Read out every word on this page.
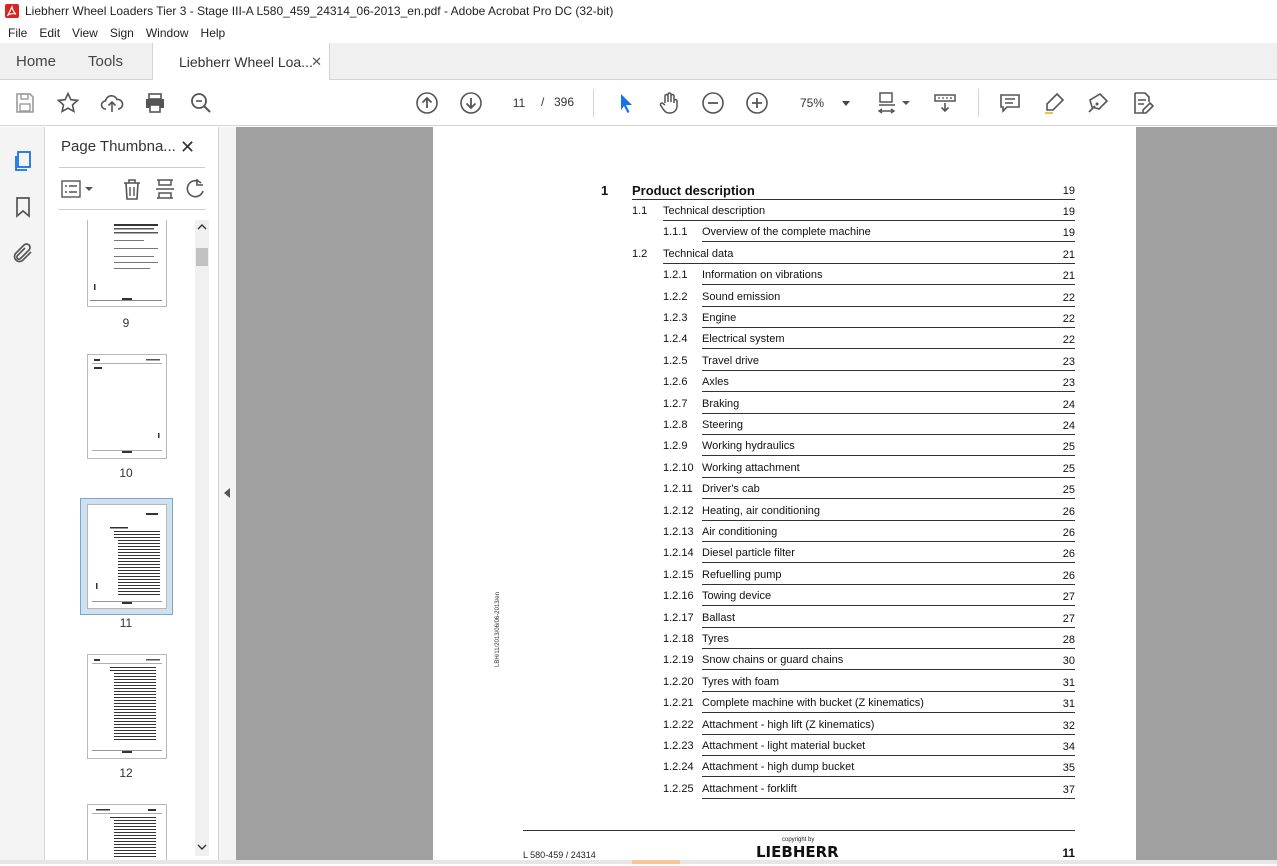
Liebherr Wheel Loaders Tier 3 - Stage III-A L580_459_24314_06-2013_en.pdf - Adobe Acrobat Pro DC (32-bit)
File	Edit	View	Sign	Window	Help
Home Tools	Liebherr Wheel Loa...
✕
11	/ 396	75%
Page Thumbna... ✕
9
10
11
12
1 Product description	19
1.1 Technical description	19
1.1.1 Overview of the complete machine	19
1.2 Technical data	21
1.2.1 Information on vibrations	21
1.2.2 Sound emission	22
1.2.3 Engine	22
1.2.4 Electrical system	22
1.2.5 Travel drive	23
1.2.6 Axles	23
1.2.7 Braking	24
1.2.8 Steering	24
1.2.9 Working hydraulics	25
1.2.10 Working attachment	25
1.2.11 Driver's cab	25
1.2.12 Heating, air conditioning	26
1.2.13 Air conditioning	26
1.2.14 Diesel particle filter	26
1.2.15 Refuelling pump	26
1.2.16 Towing device	27
1.2.17 Ballast	27
1.2.18 Tyres	28
1.2.19 Snow chains or guard chains	30
1.2.20 Tyres with foam	31
1.2.21 Complete machine with bucket (Z kinematics)	31
1.2.22 Attachment - high lift (Z kinematics)	32
1.2.23 Attachment - light material bucket	34
1.2.24 Attachment - high dump bucket	35
1.2.25 Attachment - forklift	37
LBH/11/2013/06/06-2013/en
L 580-459 / 24314
copyright by
LIEBHERR	11
